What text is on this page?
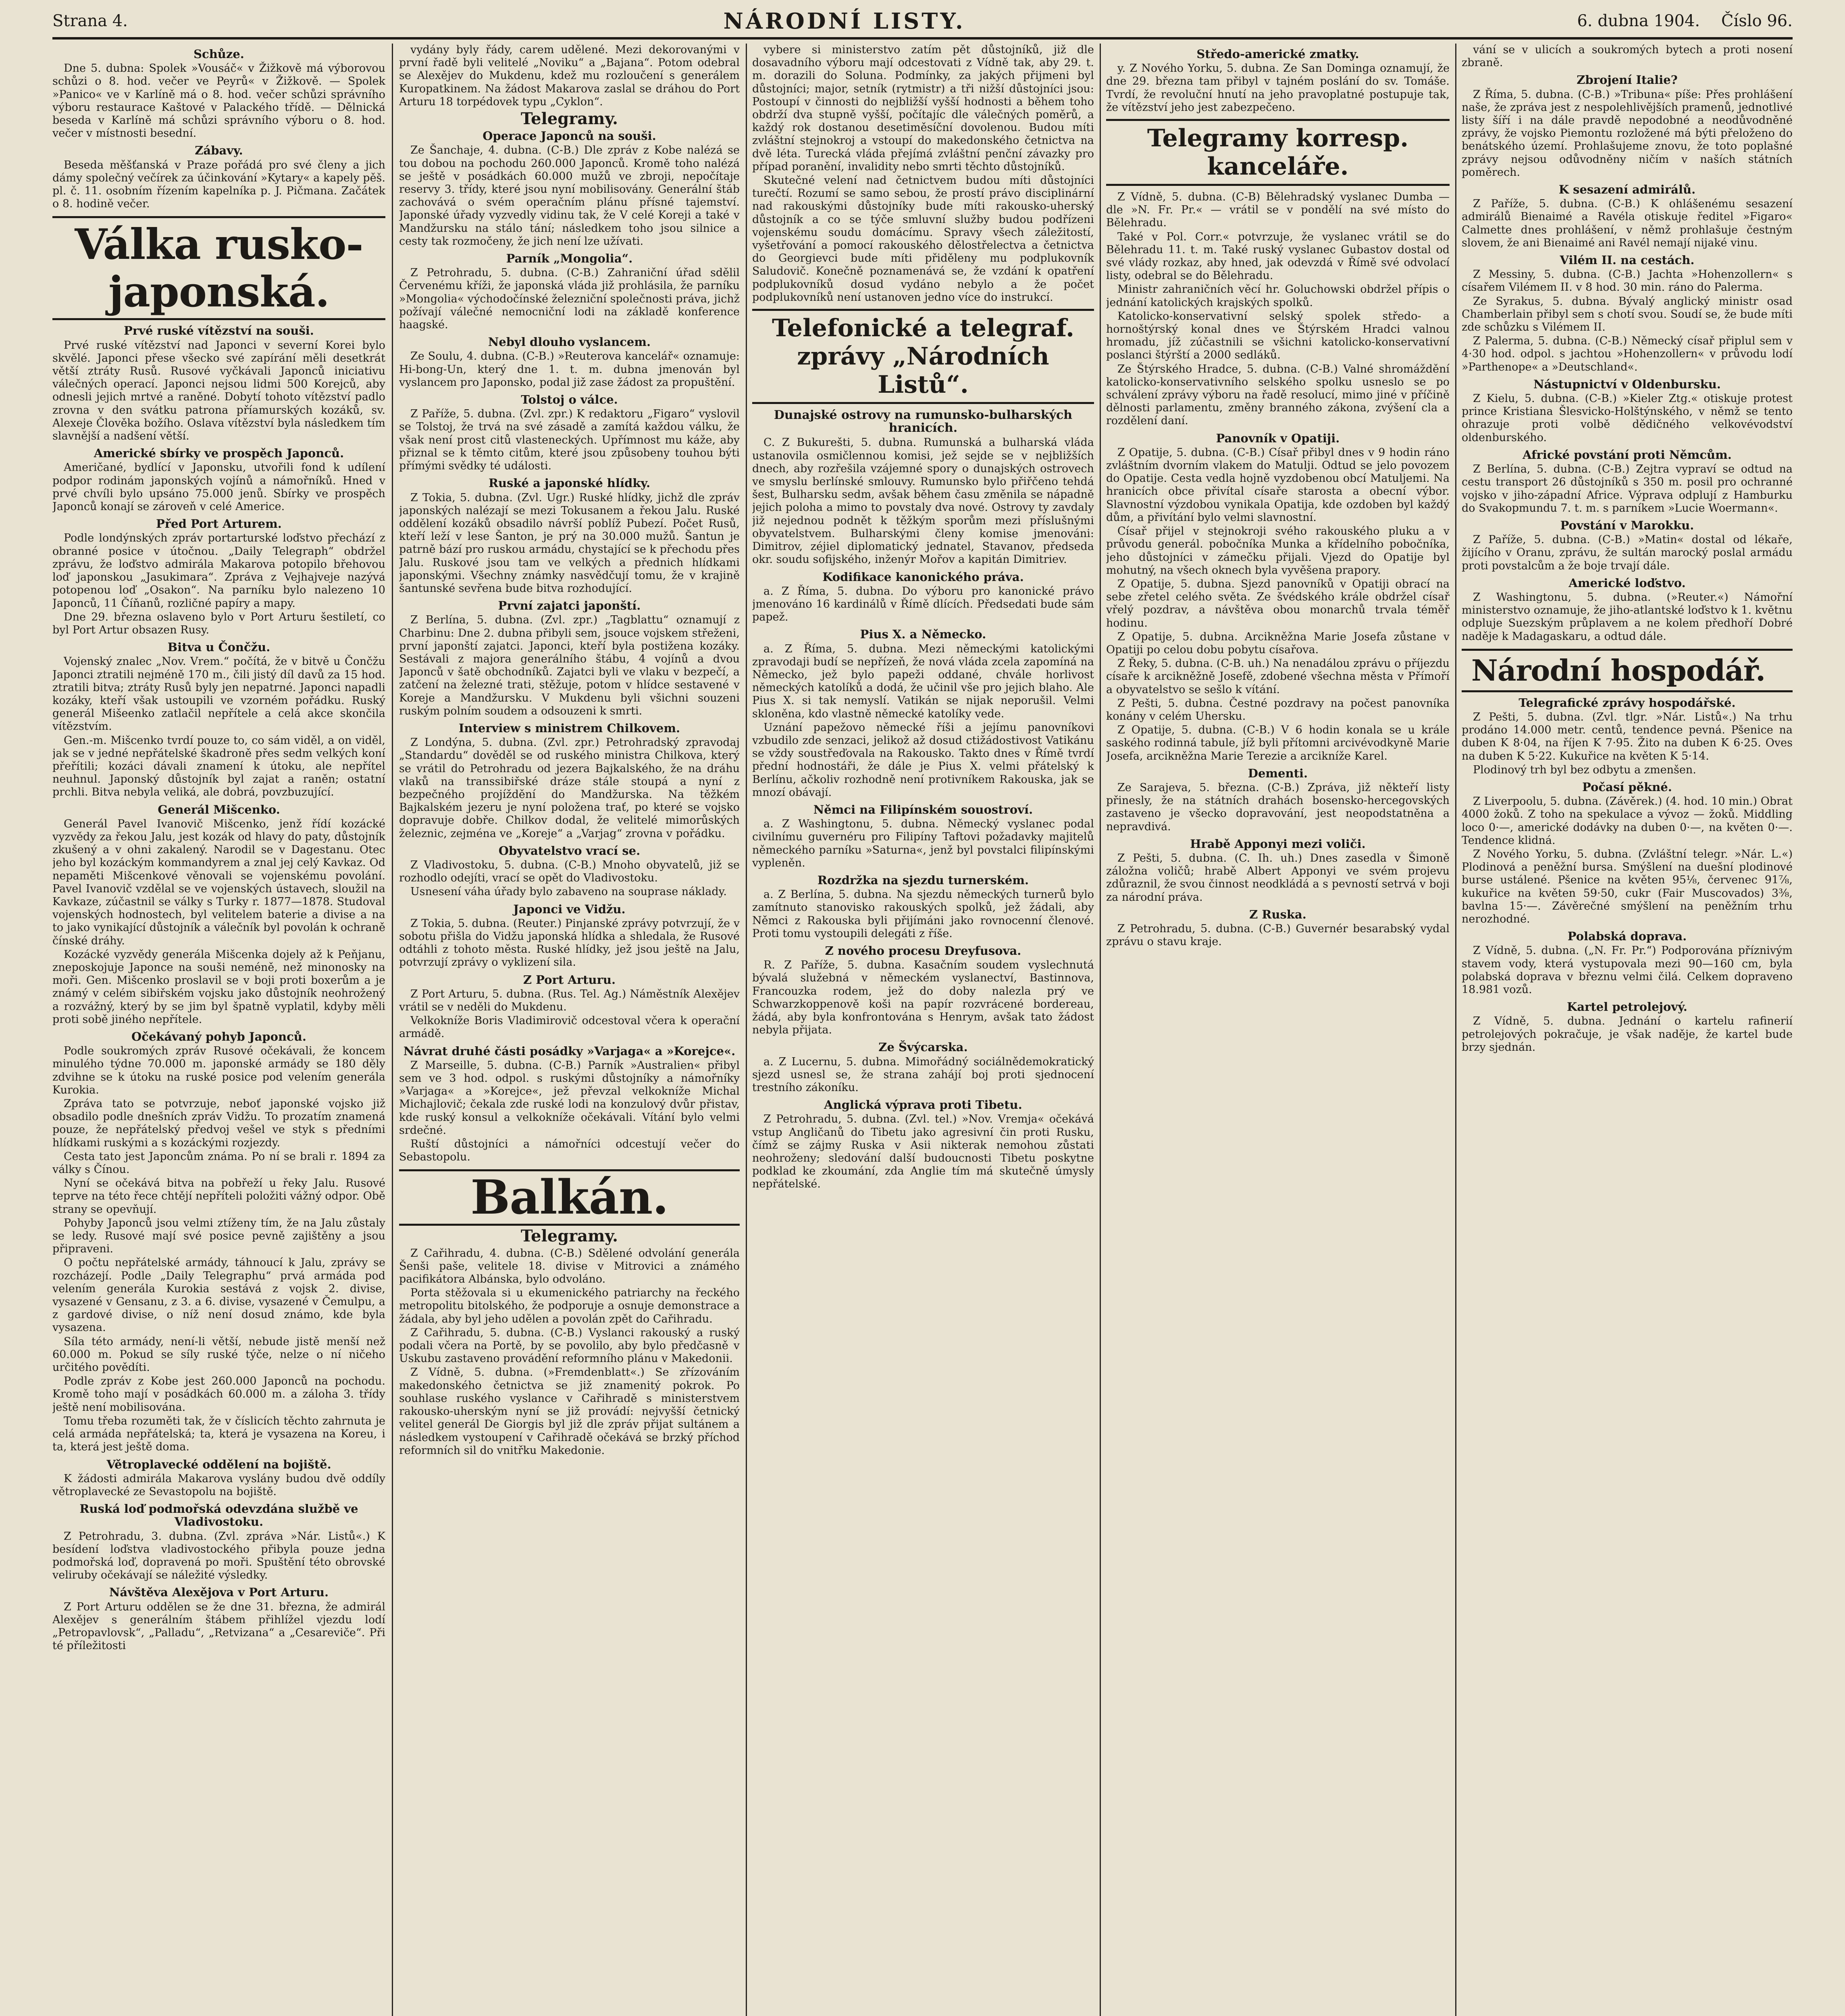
Strana 4.	NÁRODNÍ LISTY.	6. dubna 1904. Číslo 96.
Schůze.

Dne 5. dubna: Spolek »Vousáč« v Žižkově má výborovou schůzi o 8. hod. večer ve Peyrů« v Žižkově. — Spolek »Panico« ve v Karlíně má o 8. hod. večer schůzi správního výboru restaurace Kaštové v Palackého třídě. — Dělnická beseda v Karlíně má schůzi správního výboru o 8. hod. večer v místnosti besední.

Zábavy.

Beseda měšťanská v Praze pořádá pro své členy a jich dámy společný večírek za účinkování »Kytary« a kapely pěš. pl. č. 11. osobním řízením kapelníka p. J. Pičmana. Začátek o 8. hodině večer.

Válka rusko-japonská.
Prvé ruské vítězství na souši.

Prvé ruské vítězství nad Japonci v severní Korei bylo skvělé. Japonci přese všecko své zapírání měli desetkrát větší ztráty Rusů. Rusové vyčkávali Japonců iniciativu válečných operací. Japonci nejsou lidmi 500 Korejců, aby odnesli jejich mrtvé a raněné. Dobytí tohoto vítězství padlo zrovna v den svátku patrona příamurských kozáků, sv. Alexeje Člověka božího. Oslava vítězství byla následkem tím slavnější a nadšení větší.

Americké sbírky ve prospěch Japonců.

Američané, bydlící v Japonsku, utvořili fond k udílení podpor rodinám japonských vojínů a námořníků. Hned v prvé chvíli bylo upsáno 75.000 jenů. Sbírky ve prospěch Japonců konají se zároveň v celé Americe.

Před Port Arturem.

Podle londýnských zpráv portarturské loďstvo přechází z obranné posice v útočnou. „Daily Telegraph“ obdržel zprávu, že loďstvo admirála Makarova potopilo břehovou loď japonskou „Jasukimara“. Zpráva z Vejhajveje nazývá potopenou loď „Osakon“. Na parníku bylo nalezeno 10 Japonců, 11 Číňanů, rozličné papíry a mapy.

Dne 29. března oslaveno bylo v Port Arturu šestiletí, co byl Port Artur obsazen Rusy.

Bitva u Čončžu.

Vojenský znalec „Nov. Vrem.“ počítá, že v bitvě u Čončžu Japonci ztratili nejméně 170 m., čili jistý díl davů za 15 hod. ztratili bitva; ztráty Rusů byly jen nepatrné. Japonci napadli kozáky, kteří však ustoupili ve vzorném pořádku. Ruský generál Mišeenko zatlačil nepřítele a celá akce skončila vítězstvím.

Gen.-m. Mišcenko tvrdí pouze to, co sám viděl, a on viděl, jak se v jedné nepřátelské škadroně přes sedm velkých koní přeřítili; kozáci dávali znamení k útoku, ale nepřítel neuhnul. Japonský důstojník byl zajat a raněn; ostatní prchli. Bitva nebyla veliká, ale dobrá, povzbuzující.

Generál Mišcenko.

Generál Pavel Ivanovič Mišcenko, jenž řídí kozácké vyzvědy za řekou Jalu, jest kozák od hlavy do paty, důstojník zkušený a v ohni zakalený. Narodil se v Dagestanu. Otec jeho byl kozáckým kommandyrem a znal jej celý Kavkaz. Od nepaměti Mišcenkové věnovali se vojenskému povolání. Pavel Ivanovič vzdělal se ve vojenských ústavech, sloužil na Kavkaze, zúčastnil se války s Turky r. 1877—1878. Studoval vojenských hodnostech, byl velitelem baterie a divise a na to jako vynikající důstojník a válečník byl povolán k ochraně čínské dráhy.

Kozácké vyzvědy generála Mišcenka dojely až k Peňjanu, zneposkojuje Japonce na souši neméně, než minonosky na moři. Gen. Mišcenko proslavil se v boji proti boxerům a je známý v celém sibiřském vojsku jako důstojník neohrožený a rozvážný, který by se jim byl špatně vyplatil, kdyby měli proti sobě jiného nepřítele.

Očekávaný pohyb Japonců.

Podle soukromých zpráv Rusové očekávali, že koncem minulého týdne 70.000 m. japonské armády se 180 děly zdvihne se k útoku na ruské posice pod velením generála Kurokia.

Zpráva tato se potvrzuje, neboť japonské vojsko již obsadilo podle dnešních zpráv Vidžu. To prozatím znamená pouze, že nepřátelský předvoj vešel ve styk s předními hlídkami ruskými a s kozáckými rozjezdy.

Cesta tato jest Japoncům známa. Po ní se brali r. 1894 za války s Čínou.

Nyní se očekává bitva na pobřeží u řeky Jalu. Rusové teprve na této řece chtějí nepříteli položiti vážný odpor. Obě strany se opevňují.

Pohyby Japonců jsou velmi ztíženy tím, že na Jalu zůstaly se ledy. Rusové mají své posice pevně zajištěny a jsou připraveni.

O počtu nepřátelské armády, táhnoucí k Jalu, zprávy se rozcházejí. Podle „Daily Telegraphu“ prvá armáda pod velením generála Kurokia sestává z vojsk 2. divise, vysazené v Gensanu, z 3. a 6. divise, vysazené v Čemulpu, a z gardové divise, o níž není dosud známo, kde byla vysazena.

Síla této armády, není-li větší, nebude jistě menší než 60.000 m. Pokud se síly ruské týče, nelze o ní ničeho určitého povědíti.

Podle zpráv z Kobe jest 260.000 Japonců na pochodu. Kromě toho mají v posádkách 60.000 m. a záloha 3. třídy ještě není mobilisována.

Tomu třeba rozuměti tak, že v číslicích těchto zahrnuta je celá armáda nepřátelská; ta, která je vysazena na Koreu, i ta, která jest ještě doma.

Větroplavecké oddělení na bojiště.

K žádosti admirála Makarova vyslány budou dvě oddíly větroplavecké ze Sevastopolu na bojiště.

Ruská loď podmořská odevzdána službě ve Vladivostoku.

Z Petrohradu, 3. dubna. (Zvl. zpráva »Nár. Listů«.) K besídení loďstva vladivostockého přibyla pouze jedna podmořská loď, dopravená po moři. Spuštění této obrovské veliruby očekávají se náležité výsledky.

Návštěva Alexějova v Port Arturu.

Z Port Arturu oddělen se že dne 31. března, že admirál Alexějev s generálním štábem přihlížel vjezdu lodí „Petropavlovsk“, „Palladu“, „Retvizana“ a „Cesareviče“. Při té příležitosti

vydány byly řády, carem udělené. Mezi dekorovanými v první řadě byli velitelé „Noviku“ a „Bajana“. Potom odebral se Alexějev do Mukdenu, kdež mu rozloučení s generálem Kuropatkinem. Na žádost Makarova zaslal se dráhou do Port Arturu 18 torpédovek typu „Cyklon“.

Telegramy.
Operace Japonců na souši.

Ze Šanchaje, 4. dubna. (C-B.) Dle zpráv z Kobe nalézá se tou dobou na pochodu 260.000 Japonců. Kromě toho nalézá se ještě v posádkách 60.000 mužů ve zbroji, nepočítaje reservy 3. třídy, které jsou nyní mobilisovány. Generální štáb zachovává o svém operačním plánu přísné tajemství. Japonské úřady vyzvedly vidinu tak, že V celé Koreji a také v Mandžursku na stálo tání; následkem toho jsou silnice a cesty tak rozmočeny, že jich není lze užívati.

Parník „Mongolia“.

Z Petrohradu, 5. dubna. (C-B.) Zahraniční úřad sdělil Červenému kříži, že japonská vláda již prohlásila, že parníku »Mongolia« východočínské železniční společnosti práva, jichž požívají válečné nemocniční lodi na základě konference haagské.

Nebyl dlouho vyslancem.

Ze Soulu, 4. dubna. (C-B.) »Reuterova kancelář« oznamuje: Hi-bong-Un, který dne 1. t. m. dubna jmenován byl vyslancem pro Japonsko, podal již zase žádost za propuštění.

Tolstoj o válce.

Z Paříže, 5. dubna. (Zvl. zpr.) K redaktoru „Figaro“ vyslovil se Tolstoj, že trvá na své zásadě a zamítá každou válku, že však není prost citů vlasteneckých. Upřímnost mu káže, aby přiznal se k těmto citům, které jsou způsobeny touhou býti přímými svědky té události.

Ruské a japonské hlídky.

Z Tokia, 5. dubna. (Zvl. Ugr.) Ruské hlídky, jichž dle zpráv japonských nalézají se mezi Tokusanem a řekou Jalu. Ruské oddělení kozáků obsadilo návrší poblíž Pubezí. Počet Rusů, kteří leží v lese Šanton, je prý na 30.000 mužů. Šantun je patrně bází pro ruskou armádu, chystající se k přechodu přes Jalu. Ruskové jsou tam ve velkých a přednich hlídkami japonskými. Všechny známky nasvědčují tomu, že v krajině šantunské sevřena bude bitva rozhodující.

První zajatci japonští.

Z Berlína, 5. dubna. (Zvl. zpr.) „Tagblattu“ oznamují z Charbinu: Dne 2. dubna přibyli sem, jsouce vojskem střeženi, první japonští zajatci. Japonci, kteří byla postižena kozáky. Sestávali z majora generálního štábu, 4 vojínů a dvou Japonců v šatě obchodníků. Zajatci byli ve vlaku v bezpečí, a zatčení na železné trati, stěžuje, potom v hlídce sestavené v Koreje a Mandžursku. V Mukdenu byli všichni souzeni ruským polním soudem a odsouzeni k smrti.

Interview s ministrem Chilkovem.

Z Londýna, 5. dubna. (Zvl. zpr.) Petrohradský zpravodaj „Standardu“ dověděl se od ruského ministra Chilkova, který se vrátil do Petrohradu od jezera Bajkalského, že na dráhu vlaků na transsibiřské dráze stále stoupá a nyní z bezpečného projíždění do Mandžurska. Na těžkém Bajkalském jezeru je nyní položena trať, po které se vojsko dopravuje dobře. Chilkov dodal, že velitelé mimorůských železnic, zejména ve „Koreje“ a „Varjag“ zrovna v pořádku.

Obyvatelstvo vrací se.

Z Vladivostoku, 5. dubna. (C-B.) Mnoho obyvatelů, již se rozhodlo odejíti, vrací se opět do Vladivostoku.

Usnesení váha úřady bylo zabaveno na souprase náklady.

Japonci ve Vidžu.

Z Tokia, 5. dubna. (Reuter.) Pinjanské zprávy potvrzují, že v sobotu přišla do Vidžu japonská hlídka a shledala, že Rusové odtáhli z tohoto města. Ruské hlídky, jež jsou ještě na Jalu, potvrzují zprávy o vyklizení sila.

Z Port Arturu.

Z Port Arturu, 5. dubna. (Rus. Tel. Ag.) Náměstník Alexějev vrátil se v neděli do Mukdenu.

Velkokníže Boris Vladimirovič odcestoval včera k operační armádě.

Návrat druhé části posádky »Varjaga« a »Korejce«.

Z Marseille, 5. dubna. (C-B.) Parník »Australien« přibyl sem ve 3 hod. odpol. s ruskými důstojníky a námořníky »Varjaga« a »Korejce«, jež převzal velkokníže Michal Michajlovič; čekala zde ruské lodi na konzulový dvůr přistav, kde ruský konsul a velkokníže očekávali. Vítání bylo velmi srdečné.

Ruští důstojníci a námořníci odcestují večer do Sebastopolu.

Balkán.
Telegramy.

Z Cařihradu, 4. dubna. (C-B.) Sdělené odvolání generála Šenši paše, velitele 18. divise v Mitrovici a známého pacifikátora Albánska, bylo odvoláno.

Porta stěžovala si u ekumenického patriarchy na řeckého metropolitu bitolského, že podporuje a osnuje demonstrace a žádala, aby byl jeho udělen a povolán zpět do Cařihradu.

Z Cařihradu, 5. dubna. (C-B.) Vyslanci rakouský a ruský podali včera na Portě, by se povolilo, aby bylo předčasně v Uskubu zastaveno provádění reformního plánu v Makedonii.

Z Vídně, 5. dubna. (»Fremdenblatt«.) Se zřízováním makedonského četnictva se již znamenitý pokrok. Po souhlase ruského vyslance v Cařihradě s ministerstvem rakousko-uherským nyní se již provádí: nejvyšší četnický velitel generál De Giorgis byl již dle zpráv přijat sultánem a následkem vystoupení v Cařihradě očekává se brzký příchod reformních sil do vnitřku Makedonie.

vybere si ministerstvo zatím pět důstojníků, již dle dosavadního výboru mají odcestovati z Vídně tak, aby 29. t. m. dorazili do Soluna. Podmínky, za jakých přijmeni byl důstojníci; major, setník (rytmistr) a tři nižší důstojníci jsou: Postoupí v činnosti do nejbližší vyšší hodnosti a během toho obdrží dva stupně vyšší, počítajíc dle válečných poměrů, a každý rok dostanou desetiměsíční dovolenou. Budou míti zvláštní stejnokroj a vstoupí do makedonského četnictva na dvě léta. Turecká vláda přejímá zvláštní penční závazky pro případ poranění, invalidity nebo smrti těchto důstojníků.

Skutečné velení nad četnictvem budou míti důstojníci turečtí. Rozumí se samo sebou, že prostí právo disciplinární nad rakouskými důstojníky bude míti rakousko-uherský důstojník a co se týče smluvní služby budou podřízeni vojenskému soudu domácímu. Spravy všech záležitostí, vyšetřování a pomocí rakouského dělostřelectva a četnictva do Georgievci bude míti přiděleny mu podplukovník Saludovič. Konečně poznamenává se, že vzdání k opatření podplukovníků dosud vydáno nebylo a že počet podplukovníků není ustanoven jedno více do instrukcí.

Telefonické a telegraf. zprávy „Národních Listů“.
Dunajské ostrovy na rumunsko-bulharských hranicích.

C. Z Bukurešti, 5. dubna. Rumunská a bulharská vláda ustanovila osmičlennou komisi, jež sejde se v nejbližších dnech, aby rozřešila vzájemné spory o dunajských ostrovech ve smyslu berlínské smlouvy. Rumunsko bylo přiřčeno tehdá šest, Bulharsku sedm, avšak během času změnila se nápadně jejich poloha a mimo to povstaly dva nové. Ostrovy ty zavdaly již nejednou podnět k těžkým sporům mezi příslušnými obyvatelstvem. Bulharskými členy komise jmenováni: Dimitrov, zéjiel diplomatický jednatel, Stavanov, předseda okr. soudu sofijského, inženýr Mořov a kapitán Dimitriev.

Kodifikace kanonického práva.

a. Z Říma, 5. dubna. Do výboru pro kanonické právo jmenováno 16 kardinálů v Římě dlících. Předsedati bude sám papež.

Pius X. a Německo.

a. Z Říma, 5. dubna. Mezi německými katolickými zpravodaji budí se nepřízeň, že nová vláda zcela zapomíná na Německo, jež bylo papeži oddané, chvále horlivost německých katolíků a dodá, že učinil vše pro jejich blaho. Ale Pius X. si tak nemyslí. Vatikán se nijak neporušil. Velmi skloněna, kdo vlastně německé katolíky vede.

Uznání papežovo německé říši a jejímu panovníkovi vzbudilo zde senzaci, jelikož až dosud ctižádostivost Vatikánu se vždy soustřeďovala na Rakousko. Takto dnes v Římě tvrdí přední hodnostáři, že dále je Pius X. velmi přátelský k Berlínu, ačkoliv rozhodně není protivníkem Rakouska, jak se mnozí obávají.

Němci na Filipínském souostroví.

a. Z Washingtonu, 5. dubna. Německý vyslanec podal civilnímu guvernéru pro Filipíny Taftovi požadavky majitelů německého parníku »Saturna«, jenž byl povstalci filipínskými vypleněn.

Rozdržka na sjezdu turnerském.

a. Z Berlína, 5. dubna. Na sjezdu německých turnerů bylo zamítnuto stanovisko rakouských spolků, jež žádali, aby Němci z Rakouska byli přijímáni jako rovnocenní členové. Proti tomu vystoupili delegáti z říše.

Z nového procesu Dreyfusova.

R. Z Paříže, 5. dubna. Kasačním soudem vyslechnutá bývalá služebná v německém vyslanectví, Bastinnova, Francouzka rodem, jež do doby nalezla prý ve Schwarzkoppenově koši na papír rozvrácené bordereau, žádá, aby byla konfrontována s Henrym, avšak tato žádost nebyla přijata.

Ze Švýcarska.

a. Z Lucernu, 5. dubna. Mimořádný sociálnědemokratický sjezd usnesl se, že strana zahájí boj proti sjednocení trestního zákoníku.

Anglická výprava proti Tibetu.

Z Petrohradu, 5. dubna. (Zvl. tel.) »Nov. Vremja« očekává vstup Angličanů do Tibetu jako agresivní čin proti Rusku, čímž se zájmy Ruska v Asii nikterak nemohou zůstati neohroženy; sledování další budoucnosti Tibetu poskytne podklad ke zkoumání, zda Anglie tím má skutečně úmysly nepřátelské.

Středo-americké zmatky.

y. Z Nového Yorku, 5. dubna. Ze San Dominga oznamují, že dne 29. března tam přibyl v tajném poslání do sv. Tomáše. Tvrdí, že revoluční hnutí na jeho pravoplatné postupuje tak, že vítězství jeho jest zabezpečeno.

Telegramy korresp. kanceláře.

Z Vídně, 5. dubna. (C-B) Bělehradský vyslanec Dumba — dle »N. Fr. Pr.« — vrátil se v pondělí na své místo do Bělehradu.

Také v Pol. Corr.« potvrzuje, že vyslanec vrátil se do Bělehradu 11. t. m. Také ruský vyslanec Gubastov dostal od své vlády rozkaz, aby hned, jak odevzdá v Římě své odvolací listy, odebral se do Bělehradu.

Ministr zahraničních věcí hr. Goluchowski obdržel přípis o jednání katolických krajských spolků.

Katolicko-konservativní selský spolek středo- a hornoštýrský konal dnes ve Štýrském Hradci valnou hromadu, jíž zúčastnili se všichni katolicko-konservativní poslanci štýrští a 2000 sedláků.

Ze Štýrského Hradce, 5. dubna. (C-B.) Valné shromáždění katolicko-konservativního selského spolku usneslo se po schválení zprávy výboru na řadě resolucí, mimo jiné v příčině dělnosti parlamentu, změny branného zákona, zvýšení cla a rozdělení daní.

Panovník v Opatiji.

Z Opatije, 5. dubna. (C-B.) Císař přibyl dnes v 9 hodin ráno zvláštním dvorním vlakem do Matulji. Odtud se jelo povozem do Opatije. Cesta vedla hojně vyzdobenou obcí Matuljemi. Na hranicích obce přivítal císaře starosta a obecní výbor. Slavnostní výzdobou vynikala Opatija, kde ozdoben byl každý dům, a přivítání bylo velmi slavnostní.

Císař přijel v stejnokroji svého rakouského pluku a v průvodu generál. pobočníka Munka a křídelního pobočníka, jeho důstojníci v zámečku přijali. Vjezd do Opatije byl mohutný, na všech oknech byla vyvěšena prapory.

Z Opatije, 5. dubna. Sjezd panovníků v Opatiji obrací na sebe zřetel celého světa. Ze švédského krále obdržel císař vřelý pozdrav, a návštěva obou monarchů trvala téměř hodinu.

Z Opatije, 5. dubna. Arcikněžna Marie Josefa zůstane v Opatiji po celou dobu pobytu císařova.

Z Řeky, 5. dubna. (C-B. uh.) Na nenadálou zprávu o příjezdu císaře k arcikněžně Josefě, zdobené všechna města v Přímoří a obyvatelstvo se sešlo k vítání.

Z Pešti, 5. dubna. Čestné pozdravy na počest panovníka konány v celém Uhersku.

Z Opatije, 5. dubna. (C-B.) V 6 hodin konala se u krále saského rodinná tabule, jíž byli přítomni arcivévodkyně Marie Josefa, arcikněžna Marie Terezie a arcikníže Karel.

Dementi.

Ze Sarajeva, 5. března. (C-B.) Zpráva, již někteří listy přinesly, že na státních drahách bosensko-hercegovských zastaveno je všecko dopravování, jest neopodstatněna a nepravdivá.

Hrabě Apponyi mezi voliči.

Z Pešti, 5. dubna. (C. Ih. uh.) Dnes zasedla v Šimoně záložna voličů; hrabě Albert Apponyi ve svém projevu zdůraznil, že svou činnost neodkládá a s pevností setrvá v boji za národní práva.

Z Ruska.

Z Petrohradu, 5. dubna. (C-B.) Guvernér besarabský vydal zprávu o stavu kraje.

vání se v ulicích a soukromých bytech a proti nosení zbraně.

Zbrojení Italie?

Z Říma, 5. dubna. (C-B.) »Tribuna« píše: Přes prohlášení naše, že zpráva jest z nespolehlivějších pramenů, jednotlivé listy šíří i na dále pravdě nepodobné a neodůvodněné zprávy, že vojsko Piemontu rozložené má býti přeloženo do benátského území. Prohlašujeme znovu, že toto poplašné zprávy nejsou odůvodněny ničím v naších státních poměrech.

K sesazení admirálů.

Z Paříže, 5. dubna. (C-B.) K ohlášenému sesazení admirálů Bienaimé a Ravéla otiskuje ředitel »Figaro« Calmette dnes prohlášení, v němž prohlašuje čestným slovem, že ani Bienaimé ani Ravél nemají nijaké vinu.

Vilém II. na cestách.

Z Messiny, 5. dubna. (C-B.) Jachta »Hohenzollern« s císařem Vilémem II. v 8 hod. 30 min. ráno do Palerma.

Ze Syrakus, 5. dubna. Bývalý anglický ministr osad Chamberlain přibyl sem s chotí svou. Soudí se, že bude míti zde schůzku s Vilémem II.

Z Palerma, 5. dubna. (C-B.) Německý císař připlul sem v 4·30 hod. odpol. s jachtou »Hohenzollern« v průvodu lodí »Parthenope« a »Deutschland«.

Nástupnictví v Oldenbursku.

Z Kielu, 5. dubna. (C-B.) »Kieler Ztg.« otiskuje protest prince Kristiana Šlesvicko-Holštýnského, v němž se tento ohrazuje proti volbě dědičného velkovévodství oldenburského.

Africké povstání proti Němcům.

Z Berlína, 5. dubna. (C-B.) Zejtra vypraví se odtud na cestu transport 26 důstojníků s 350 m. posil pro ochranné vojsko v jiho-západní Africe. Výprava odplují z Hamburku do Svakopmundu 7. t. m. s parníkem »Lucie Woermann«.

Povstání v Marokku.

Z Paříže, 5. dubna. (C-B.) »Matin« dostal od lékaře, žijícího v Oranu, zprávu, že sultán marocký poslal armádu proti povstalcům a že boje trvají dále.

Americké loďstvo.

Z Washingtonu, 5. dubna. (»Reuter.«) Námořní ministerstvo oznamuje, že jiho-atlantské loďstvo k 1. květnu odpluje Suezským průplavem a ne kolem předhoří Dobré naděje k Madagaskaru, a odtud dále.

Národní hospodář.
Telegrafické zprávy hospodářské.

Z Pešti, 5. dubna. (Zvl. tlgr. »Nár. Listů«.) Na trhu prodáno 14.000 metr. centů, tendence pevná. Pšenice na duben K 8·04, na říjen K 7·95. Žito na duben K 6·25. Oves na duben K 5·22. Kukuřice na květen K 5·14.

Plodinový trh byl bez odbytu a zmenšen.

Počasí pěkné.

Z Liverpoolu, 5. dubna. (Závěrek.) (4. hod. 10 min.) Obrat 4000 žoků. Z toho na spekulace a vývoz — žoků. Middling loco 0·—, americké dodávky na duben 0·—, na květen 0·—. Tendence klidná.

Z Nového Yorku, 5. dubna. (Zvláštní telegr. »Nár. L.«) Plodinová a peněžní bursa. Smýšlení na duešní plodinové burse ustálené. Pšenice na květen 95⅛, červenec 91⅞, kukuřice na květen 59·50, cukr (Fair Muscovados) 3⅜, bavlna 15·—. Závěrečné smýšlení na peněžním trhu nerozhodné.

Polabská doprava.

Z Vídně, 5. dubna. („N. Fr. Pr.“) Podporována příznivým stavem vody, která vystupovala mezi 90—160 cm, byla polabská doprava v březnu velmi čilá. Celkem dopraveno 18.981 vozů.

Kartel petrolejový.

Z Vídně, 5. dubna. Jednání o kartelu rafinerií petrolejových pokračuje, je však naděje, že kartel bude brzy sjednán.
